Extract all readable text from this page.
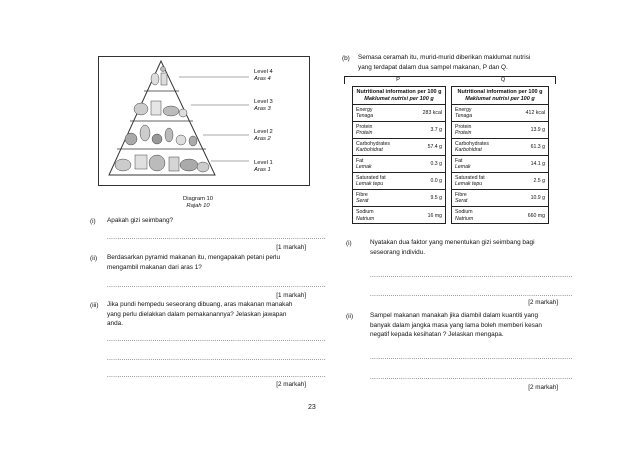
Level 4
Aras 4
Level 3
Aras 3
Level 2
Aras 2
Level 1
Aras 1
Diagram 10
Rajah 10
(i) Apakah gizi seimbang?
..........................................................................................................
[1 markah]
(ii) Berdasarkan pyramid makanan itu, mengapakah petani perlu
mengambil makanan dari aras 1?
..........................................................................................................
[1 markah]
(iii) Jika pundi hempedu seseorang dibuang, aras makanan manakah
yang perlu dielakkan dalam pemakanannya? Jelaskan jawapan
anda.
..........................................................................................................
..........................................................................................................
..........................................................................................................
[2 markah]
(b) Semasa ceramah itu, murid-murid diberikan maklumat nutrisi
yang terdapat dalam dua sampel makanan, P dan Q.
P	Q
Nutritional information per 100 g
Maklumat nutrisi per 100 g
Energy
Tenaga	283 kcal
Protein
Protein	3.7 g
Carbohydrates
Karbohidrat	57.4 g
Fat
Lemak	0.3 g
Saturated fat
Lemak tepu	0.0 g
Fibre
Serat	9.5 g
Sodium
Natrium	16 mg
Nutritional information per 100 g
Maklumat nutrisi per 100 g
Energy
Tenaga	412 kcal
Protein
Protein	13.9 g
Carbohydrates
Karbohidrat	61.3 g
Fat
Lemak	14.1 g
Saturated fat
Lemak tepu	2.5 g
Fibre
Serat	10.9 g
Sodium
Natrium	660 mg
(i)	Nyatakan dua faktor yang menentukan gizi seimbang bagi
seseorang individu.
..................................................................................................
..................................................................................................
[2 markah]
(ii)	Sampel makanan manakah jika diambil dalam kuantiti yang
banyak dalam jangka masa yang lama boleh memberi kesan
negatif kepada kesihatan ? Jelaskan mengapa.
..................................................................................................
..................................................................................................
[2 markah]
23
